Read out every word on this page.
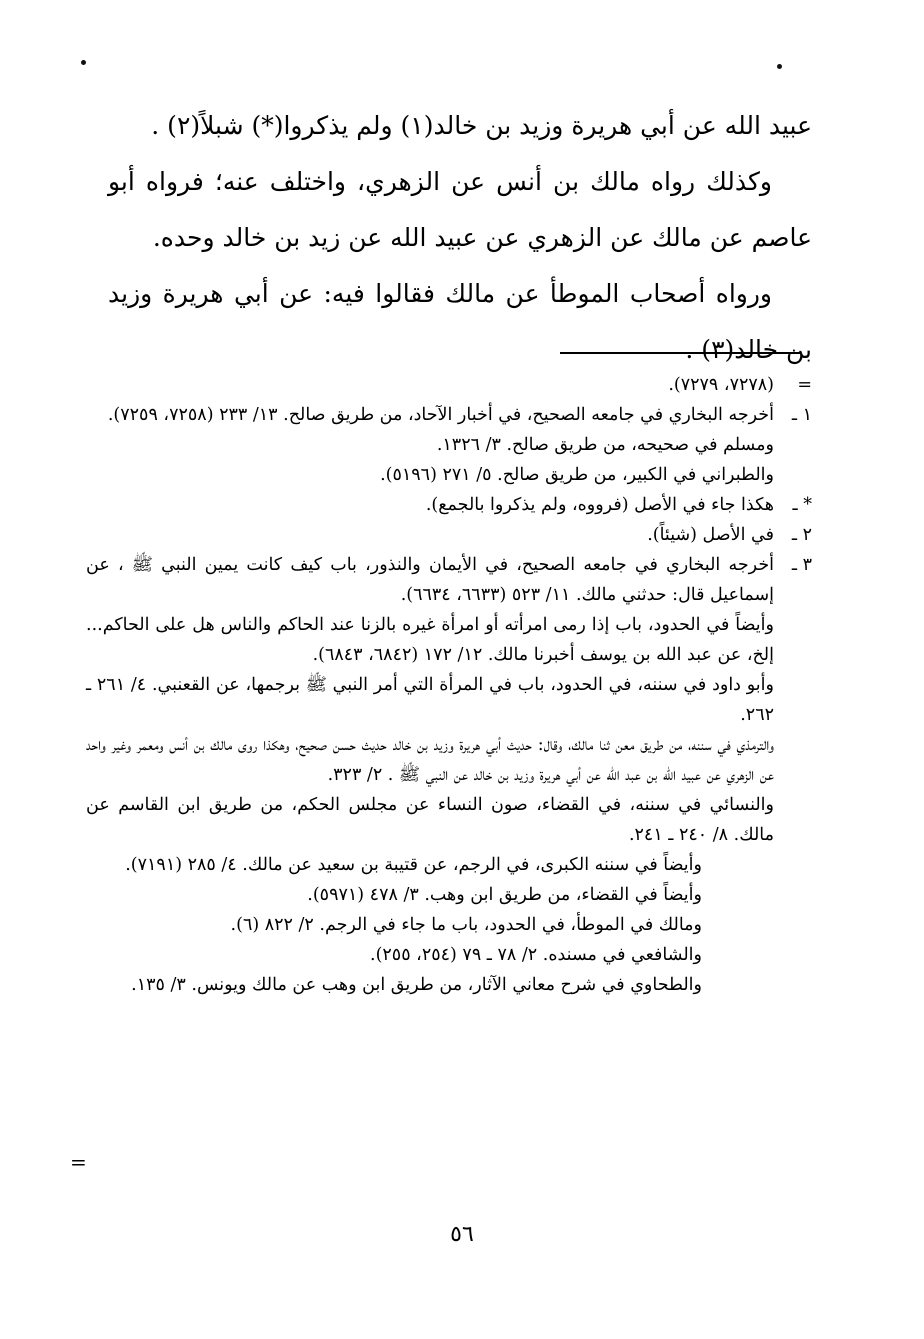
عبيد الله عن أبي هريرة وزيد بن خالد(١) ولم يذكروا(*) شبلاً(٢) .

وكذلك رواه مالك بن أنس عن الزهري، واختلف عنه؛ فرواه أبو عاصم عن مالك عن الزهري عن عبيد الله عن زيد بن خالد وحده.

ورواه أصحاب الموطأ عن مالك فقالوا فيه: عن أبي هريرة وزيد بن خالد(٣) .

=

(٧٢٧٨، ٧٢٧٩).

١ ـ

أخرجه البخاري في جامعه الصحيح، في أخبار الآحاد، من طريق صالح. ١٣/ ٢٣٣ (٧٢٥٨، ٧٢٥٩).

ومسلم في صحيحه، من طريق صالح. ٣/ ١٣٢٦.

والطبراني في الكبير، من طريق صالح. ٥/ ٢٧١ (٥١٩٦).

* ـ

هكذا جاء في الأصل (فرووه، ولم يذكروا بالجمع).

٢ ـ

في الأصل (شيئاً).

٣ ـ

أخرجه البخاري في جامعه الصحيح، في الأيمان والنذور، باب كيف كانت يمين النبي ﷺ ، عن إسماعيل قال: حدثني مالك. ١١/ ٥٢٣ (٦٦٣٣، ٦٦٣٤).

وأيضاً في الحدود، باب إذا رمى امرأته أو امرأة غيره بالزنا عند الحاكم والناس هل على الحاكم... إلخ، عن عبد الله بن يوسف أخبرنا مالك. ١٢/ ١٧٢ (٦٨٤٢، ٦٨٤٣).

وأبو داود في سننه، في الحدود، باب في المرأة التي أمر النبي ﷺ برجمها، عن القعنبي. ٤/ ٢٦١ ـ ٢٦٢.

والترمذي في سننه، من طريق معن ثنا مالك، وقال: حديث أبي هريرة وزيد بن خالد حديث حسن صحيح، وهكذا روى مالك بن أنس ومعمر وغير واحد عن الزهري عن عبيد الله بن عبد الله عن أبي هريرة وزيد بن خالد عن النبي ﷺ . ٢/ ٣٢٣.

والنسائي في سننه، في القضاء، صون النساء عن مجلس الحكم، من طريق ابن القاسم عن مالك. ٨/ ٢٤٠ ـ ٢٤١.

وأيضاً في سننه الكبرى، في الرجم، عن قتيبة بن سعيد عن مالك. ٤/ ٢٨٥ (٧١٩١).

وأيضاً في القضاء، من طريق ابن وهب. ٣/ ٤٧٨ (٥٩٧١).

ومالك في الموطأ، في الحدود، باب ما جاء في الرجم. ٢/ ٨٢٢ (٦).

والشافعي في مسنده. ٢/ ٧٨ ـ ٧٩ (٢٥٤، ٢٥٥).

والطحاوي في شرح معاني الآثار، من طريق ابن وهب عن مالك ويونس. ٣/ ١٣٥.

=
٥٦
